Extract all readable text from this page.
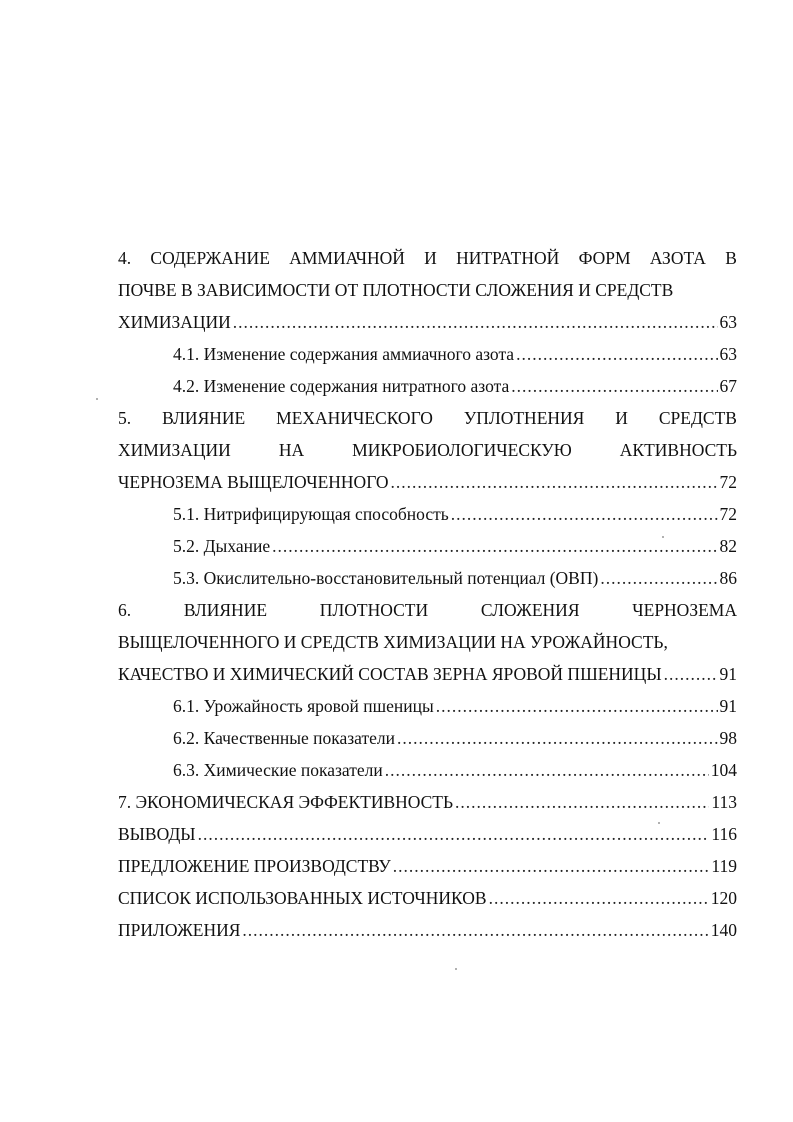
4. СОДЕРЖАНИЕ АММИАЧНОЙ И НИТРАТНОЙ ФОРМ АЗОТА В
ПОЧВЕ В ЗАВИСИМОСТИ ОТ ПЛОТНОСТИ СЛОЖЕНИЯ И СРЕДСТВ
ХИМИЗАЦИИ .....	63
4.1. Изменение содержания аммиачного азота .....	63
4.2. Изменение содержания нитратного азота .....	67
5. ВЛИЯНИЕ МЕХАНИЧЕСКОГО УПЛОТНЕНИЯ И СРЕДСТВ
ХИМИЗАЦИИ	НА	МИКРОБИОЛОГИЧЕСКУЮ	АКТИВНОСТЬ
ЧЕРНОЗЕМА ВЫЩЕЛОЧЕННОГО .....	72
5.1. Нитрифицирующая способность .....	72
5.2. Дыхание .....	82
5.3. Окислительно-восстановительный потенциал (ОВП) .....	86
6.	ВЛИЯНИЕ	ПЛОТНОСТИ	СЛОЖЕНИЯ	ЧЕРНОЗЕМА
ВЫЩЕЛОЧЕННОГО И СРЕДСТВ ХИМИЗАЦИИ НА УРОЖАЙНОСТЬ,
КАЧЕСТВО И ХИМИЧЕСКИЙ СОСТАВ ЗЕРНА ЯРОВОЙ ПШЕНИЦЫ .....	91
6.1. Урожайность яровой пшеницы .....	91
6.2. Качественные показатели .....	98
6.3. Химические показатели .....	104
7. ЭКОНОМИЧЕСКАЯ ЭФФЕКТИВНОСТЬ .....	113
ВЫВОДЫ .....	116
ПРЕДЛОЖЕНИЕ ПРОИЗВОДСТВУ .....	119
СПИСОК ИСПОЛЬЗОВАННЫХ ИСТОЧНИКОВ .....	120
ПРИЛОЖЕНИЯ .....	140
